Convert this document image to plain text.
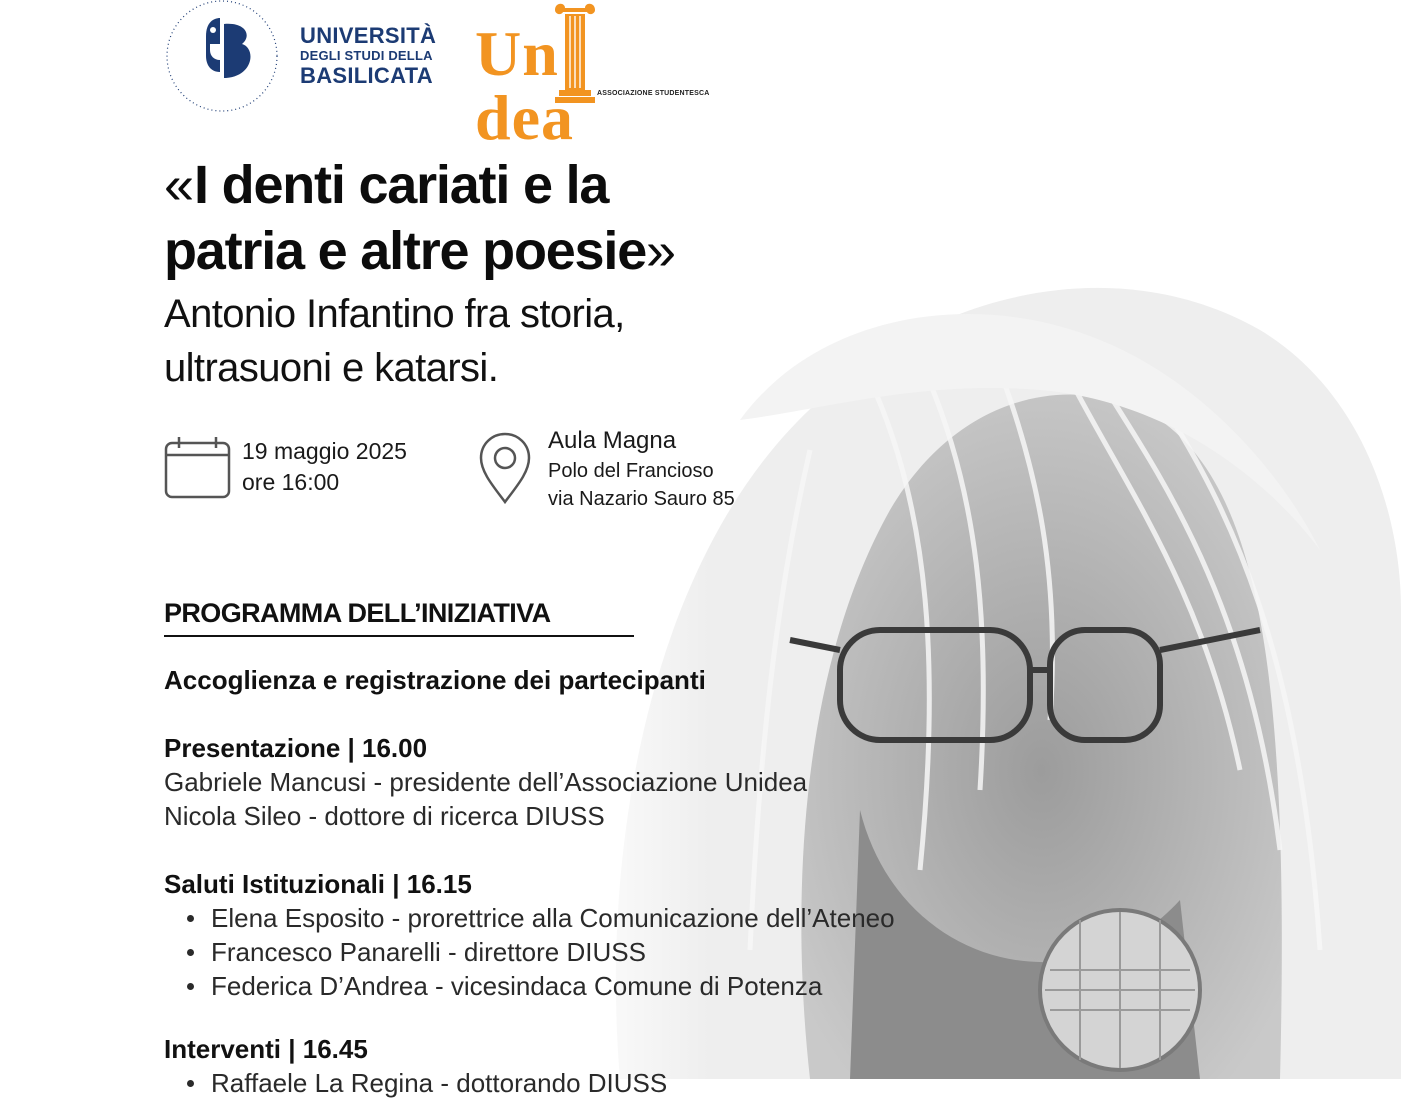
UNIVERSITÀ
DEGLI STUDI DELLA
BASILICATA Undea	ASSOCIAZIONE STUDENTESCA
«I denti cariati e la
patria e altre poesie»
Antonio Infantino fra storia,
ultrasuoni e katarsi.
19 maggio 2025
ore 16:00
Aula Magna
Polo del Francioso
via Nazario Sauro 85
PROGRAMMA DELL’INIZIATIVA
Accoglienza e registrazione dei partecipanti
Presentazione | 16.00
Gabriele Mancusi - presidente dell’Associazione Unidea
Nicola Sileo - dottore di ricerca DIUSS
Saluti Istituzionali | 16.15
Elena Esposito - prorettrice alla Comunicazione dell’Ateneo
Francesco Panarelli - direttore DIUSS
Federica D’Andrea - vicesindaca Comune di Potenza
Interventi | 16.45
Raffaele La Regina - dottorando DIUSS
